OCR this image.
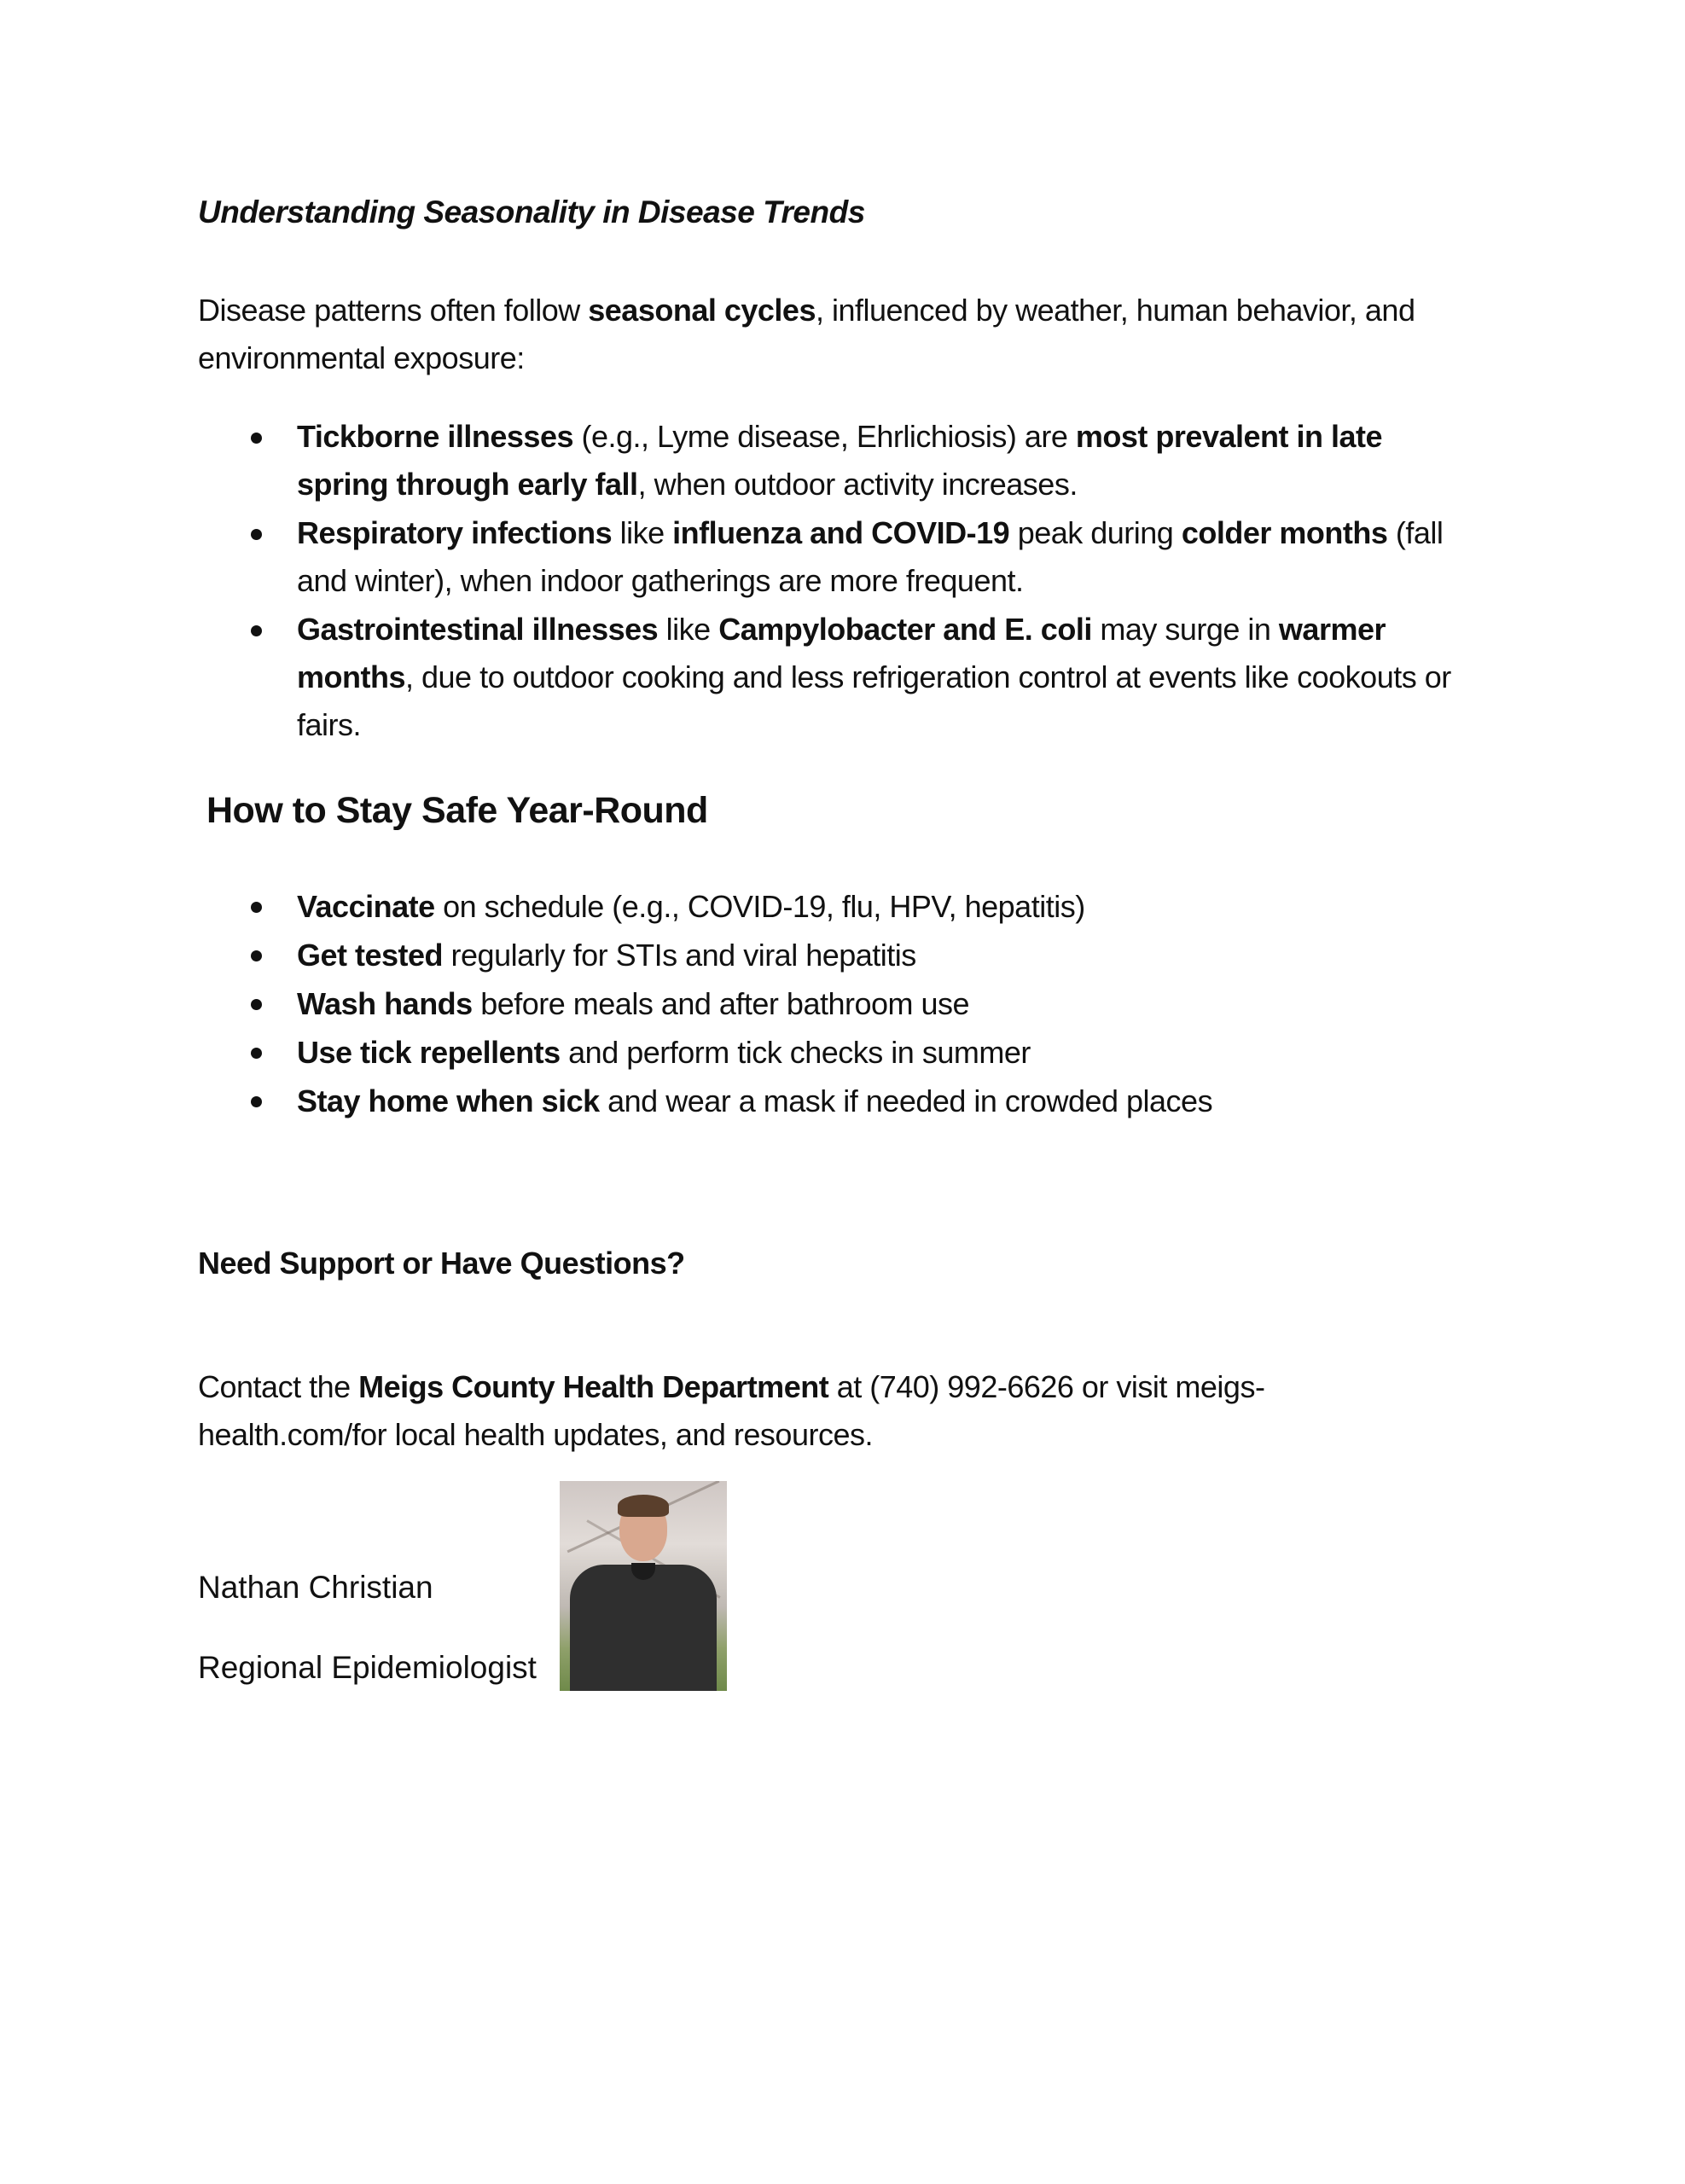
Understanding Seasonality in Disease Trends

Disease patterns often follow seasonal cycles, influenced by weather, human behavior, and environmental exposure:

Tickborne illnesses (e.g., Lyme disease, Ehrlichiosis) are most prevalent in late spring through early fall, when outdoor activity increases.
Respiratory infections like influenza and COVID-19 peak during colder months (fall and winter), when indoor gatherings are more frequent.
Gastrointestinal illnesses like Campylobacter and E. coli may surge in warmer months, due to outdoor cooking and less refrigeration control at events like cookouts or fairs.
How to Stay Safe Year-Round
Vaccinate on schedule (e.g., COVID-19, flu, HPV, hepatitis)
Get tested regularly for STIs and viral hepatitis
Wash hands before meals and after bathroom use
Use tick repellents and perform tick checks in summer
Stay home when sick and wear a mask if needed in crowded places
Need Support or Have Questions?

Contact the Meigs County Health Department at (740) 992-6626 or visit meigs-health.com/for local health updates, and resources.

Nathan Christian
Regional Epidemiologist
